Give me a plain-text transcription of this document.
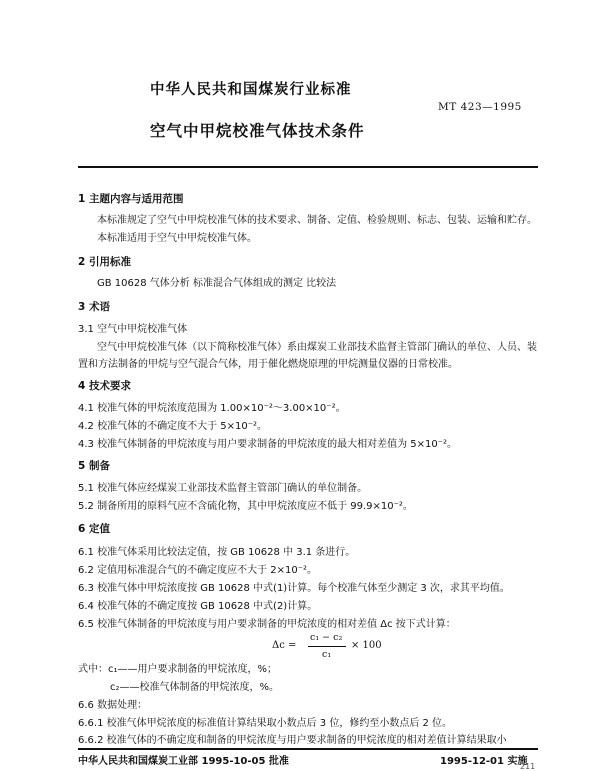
中华人民共和国煤炭行业标准
MT 423—1995
空气中甲烷校准气体技术条件
1 主题内容与适用范围
本标准规定了空气中甲烷校准气体的技术要求、制备、定值、检验规则、标志、包装、运输和贮存。
本标准适用于空气中甲烷校准气体。
2 引用标准
GB 10628 气体分析 标准混合气体组成的测定 比较法
3 术语
3.1 空气中甲烷校准气体
空气中甲烷校准气体（以下简称校准气体）系由煤炭工业部技术监督主管部门确认的单位、人员、装
置和方法制备的甲烷与空气混合气体，用于催化燃烧原理的甲烷测量仪器的日常校准。
4 技术要求
4.1 校准气体的甲烷浓度范围为 1.00×10⁻²～3.00×10⁻²。
4.2 校准气体的不确定度不大于 5×10⁻²。
4.3 校准气体制备的甲烷浓度与用户要求制备的甲烷浓度的最大相对差值为 5×10⁻²。
5 制备
5.1 校准气体应经煤炭工业部技术监督主管部门确认的单位制备。
5.2 制备所用的原料气应不含硫化物，其中甲烷浓度应不低于 99.9×10⁻²。
6 定值
6.1 校准气体采用比较法定值，按 GB 10628 中 3.1 条进行。
6.2 定值用标准混合气的不确定度应不大于 2×10⁻²。
6.3 校准气体中甲烷浓度按 GB 10628 中式(1)计算。每个校准气体至少测定 3 次，求其平均值。
6.4 校准气体的不确定度按 GB 10628 中式(2)计算。
6.5 校准气体制备的甲烷浓度与用户要求制备的甲烷浓度的相对差值 Δc 按下式计算：
Δc =
c₁ − c₂
c₁
× 100
式中：c₁——用户要求制备的甲烷浓度，%；
c₂——校准气体制备的甲烷浓度，%。
6.6 数据处理：
6.6.1 校准气体甲烷浓度的标准值计算结果取小数点后 3 位，修约至小数点后 2 位。
6.6.2 校准气体的不确定度和制备的甲烷浓度与用户要求制备的甲烷浓度的相对差值计算结果取小
中华人民共和国煤炭工业部 1995-10-05 批准	1995-12-01 实施
211
